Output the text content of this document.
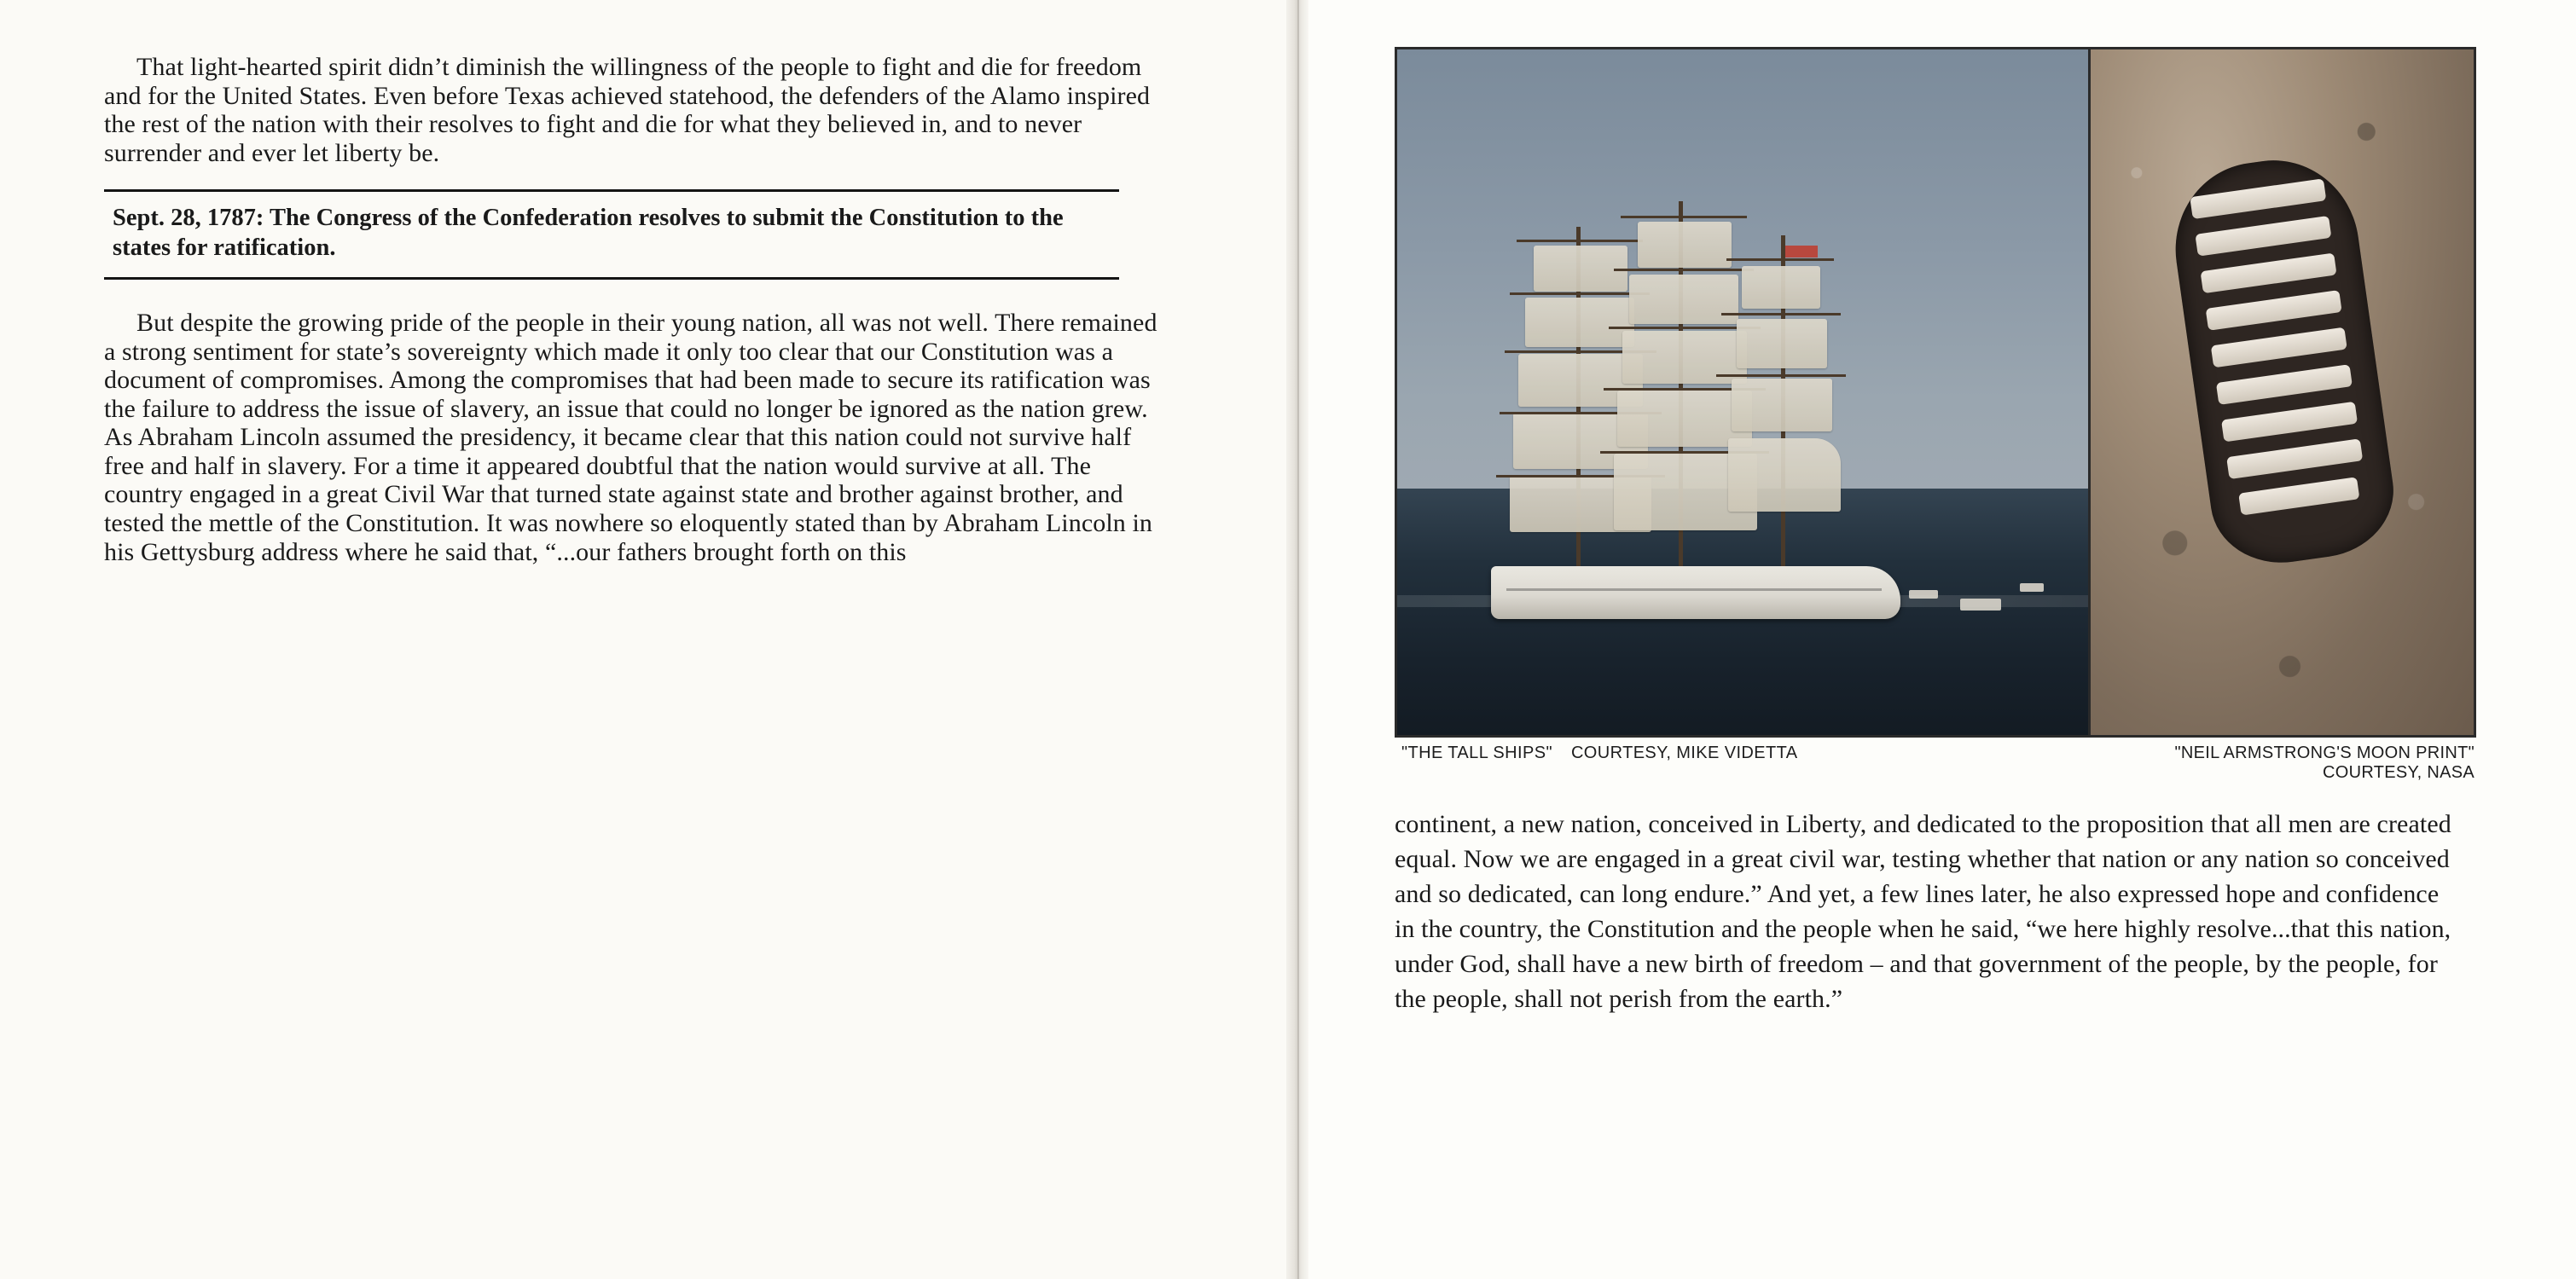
That light-hearted spirit didn’t diminish the willingness of the people to fight and die for freedom and for the United States. Even before Texas achieved statehood, the defenders of the Alamo inspired the rest of the nation with their resolves to fight and die for what they believed in, and to never surrender and ever let liberty be.

Sept. 28, 1787: The Congress of the Confederation resolves to submit the Constitution to the states for ratification.

But despite the growing pride of the people in their young nation, all was not well. There remained a strong sentiment for state’s sovereignty which made it only too clear that our Constitution was a document of compromises. Among the compromises that had been made to secure its ratification was the failure to address the issue of slavery, an issue that could no longer be ignored as the nation grew. As Abraham Lincoln assumed the presidency, it became clear that this nation could not survive half free and half in slavery. For a time it appeared doubtful that the nation would survive at all. The country engaged in a great Civil War that turned state against state and brother against brother, and tested the mettle of the Constitution. It was nowhere so eloquently stated than by Abraham Lincoln in his Gettysburg address where he said that, “...our fathers brought forth on this

"THE TALL SHIPS" COURTESY, MIKE VIDETTA	"NEIL ARMSTRONG'S MOON PRINT"
COURTESY, NASA

continent, a new nation, conceived in Liberty, and dedicated to the proposition that all men are created equal. Now we are engaged in a great civil war, testing whether that nation or any nation so conceived and so dedicated, can long endure.” And yet, a few lines later, he also expressed hope and confidence in the country, the Constitution and the people when he said, “we here highly resolve...that this nation, under God, shall have a new birth of freedom – and that government of the people, by the people, for the people, shall not perish from the earth.”
